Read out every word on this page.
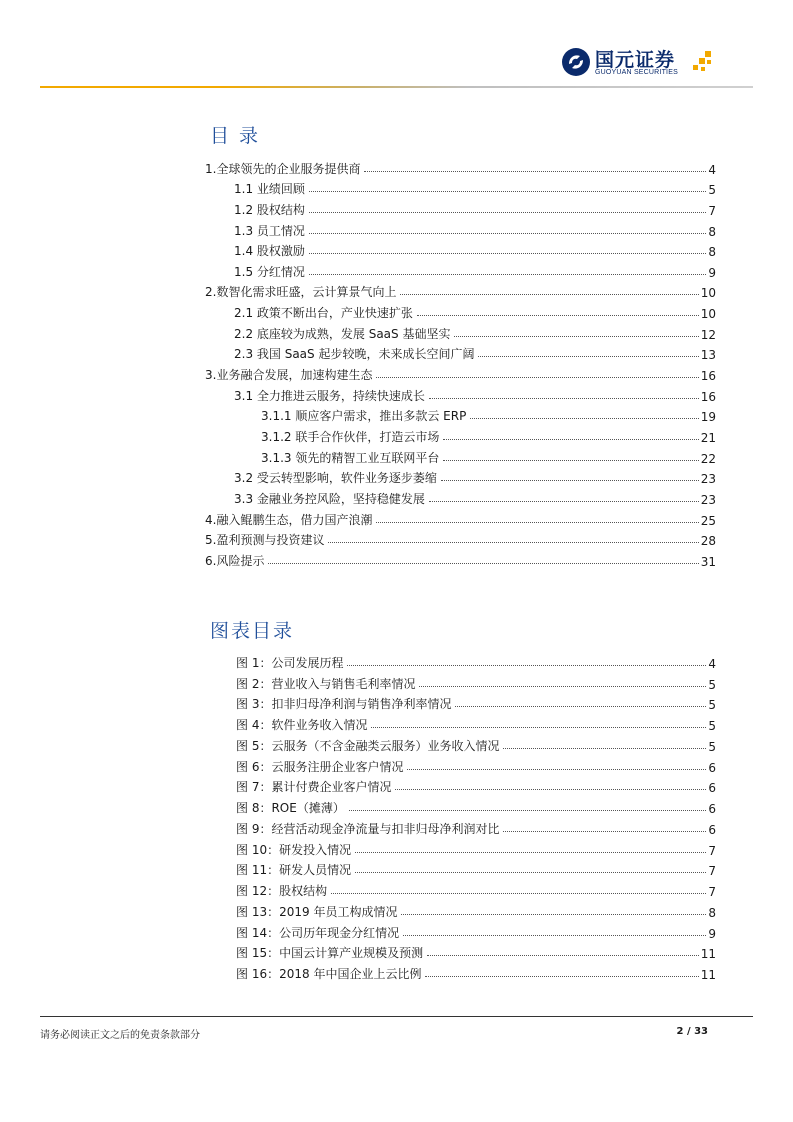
国元证券
GUOYUAN SECURITIES
目 录
1.全球领先的企业服务提供商	4
1.1 业绩回顾	5
1.2 股权结构	7
1.3 员工情况	8
1.4 股权激励	8
1.5 分红情况	9
2.数智化需求旺盛，云计算景气向上	10
2.1 政策不断出台，产业快速扩张	10
2.2 底座较为成熟，发展 SaaS 基础坚实	12
2.3 我国 SaaS 起步较晚，未来成长空间广阔	13
3.业务融合发展，加速构建生态	16
3.1 全力推进云服务，持续快速成长	16
3.1.1 顺应客户需求，推出多款云 ERP	19
3.1.2 联手合作伙伴，打造云市场	21
3.1.3 领先的精智工业互联网平台	22
3.2 受云转型影响，软件业务逐步萎缩	23
3.3 金融业务控风险，坚持稳健发展	23
4.融入鲲鹏生态，借力国产浪潮	25
5.盈利预测与投资建议	28
6.风险提示	31
图表目录
图 1：公司发展历程	4
图 2：营业收入与销售毛利率情况	5
图 3：扣非归母净利润与销售净利率情况	5
图 4：软件业务收入情况	5
图 5：云服务（不含金融类云服务）业务收入情况	5
图 6：云服务注册企业客户情况	6
图 7：累计付费企业客户情况	6
图 8：ROE（摊薄）	6
图 9：经营活动现金净流量与扣非归母净利润对比	6
图 10：研发投入情况	7
图 11：研发人员情况	7
图 12：股权结构	7
图 13：2019 年员工构成情况	8
图 14：公司历年现金分红情况	9
图 15：中国云计算产业规模及预测	11
图 16：2018 年中国企业上云比例	11
请务必阅读正文之后的免责条款部分	2 / 33
